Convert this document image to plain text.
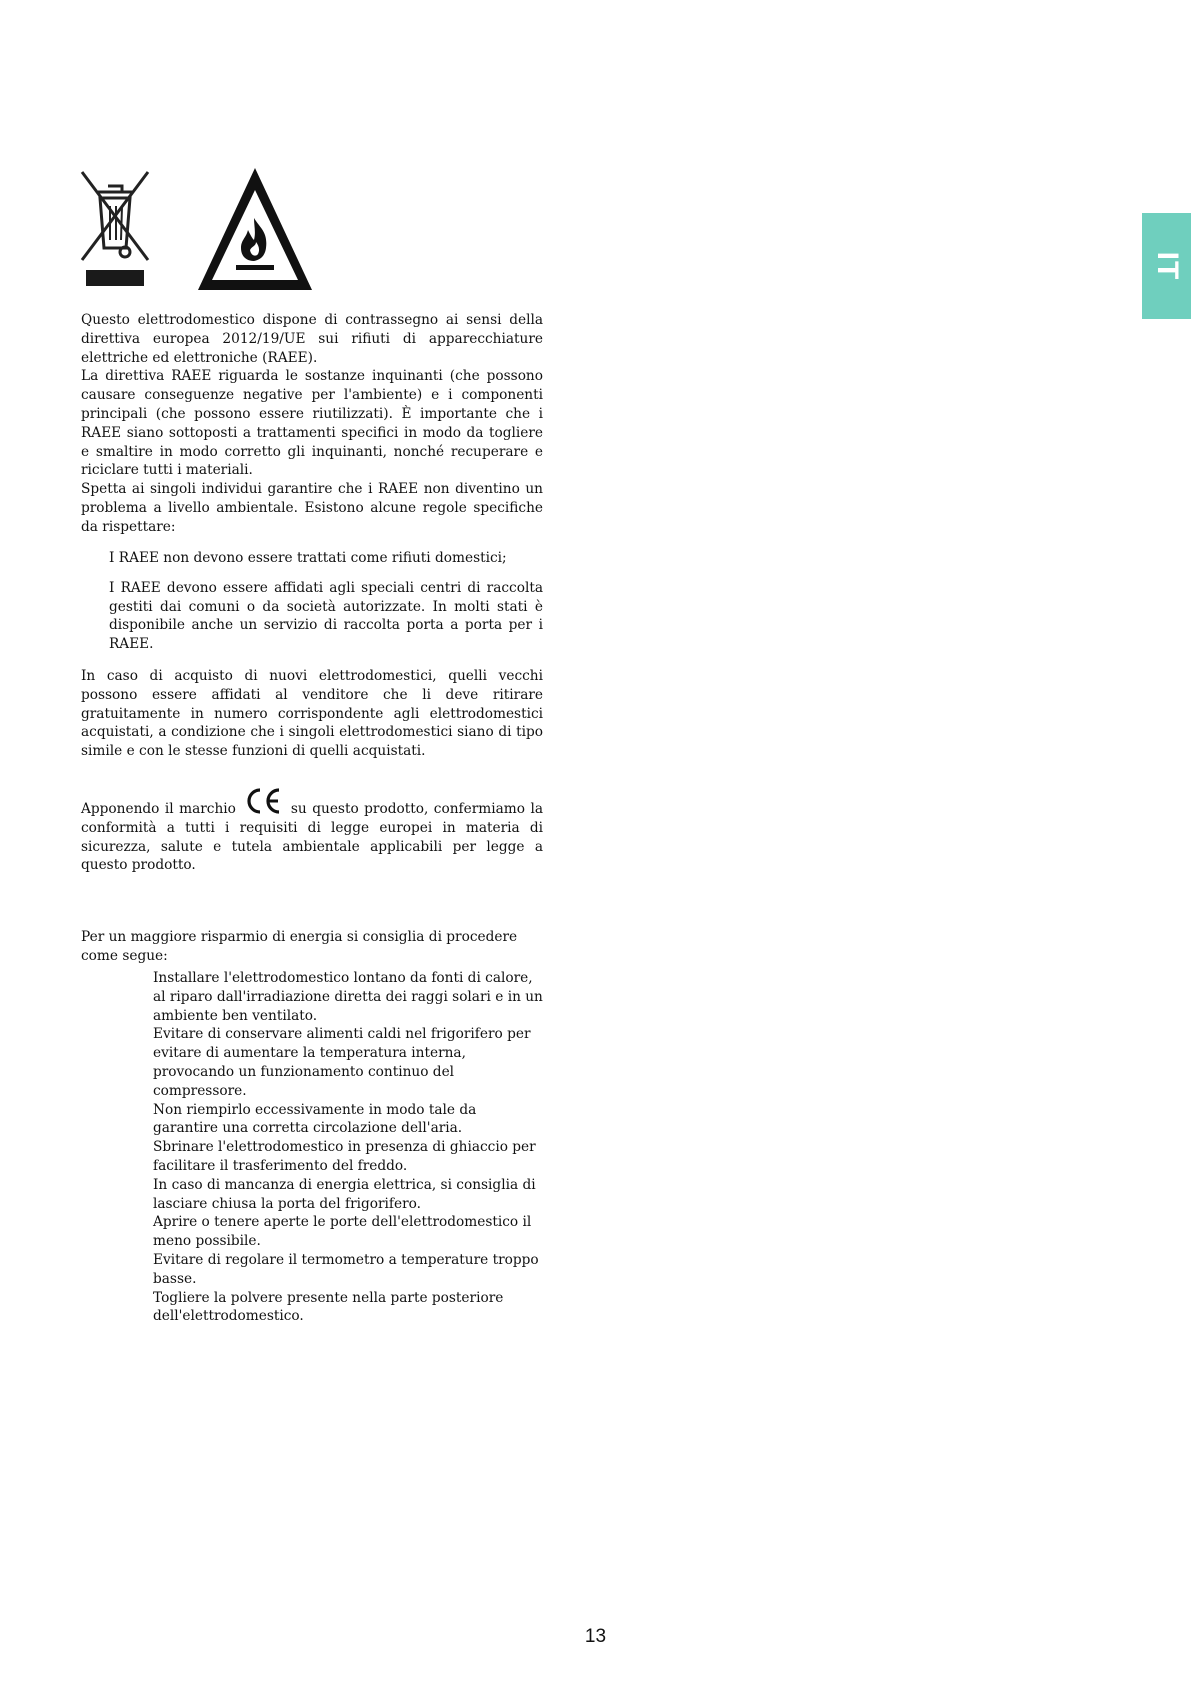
IT

Questo elettrodomestico dispone di contrassegno ai sensi della direttiva europea 2012/19/UE sui rifiuti di apparecchiature elettriche ed elettroniche (RAEE).

La direttiva RAEE riguarda le sostanze inquinanti (che possono causare conseguenze negative per l'ambiente) e i componenti principali (che possono essere riutilizzati). È importante che i RAEE siano sottoposti a trattamenti specifici in modo da togliere e smaltire in modo corretto gli inquinanti, nonché recuperare e riciclare tutti i materiali.

Spetta ai singoli individui garantire che i RAEE non diventino un problema a livello ambientale. Esistono alcune regole specifiche da rispettare:

I RAEE non devono essere trattati come rifiuti domestici;

I RAEE devono essere affidati agli speciali centri di raccolta gestiti dai comuni o da società autorizzate. In molti stati è disponibile anche un servizio di raccolta porta a porta per i RAEE.

In caso di acquisto di nuovi elettrodomestici, quelli vecchi possono essere affidati al venditore che li deve ritirare gratuitamente in numero corrispondente agli elettrodomestici acquistati, a condizione che i singoli elettrodomestici siano di tipo simile e con le stesse funzioni di quelli acquistati.

Apponendo il marchio	su questo prodotto, confermiamo la conformità a tutti i requisiti di legge europei in materia di sicurezza, salute e tutela ambientale applicabili per legge a questo prodotto.
Per un maggiore risparmio di energia si consiglia di procedere come segue:

Installare l'elettrodomestico lontano da fonti di calore, al riparo dall'irradiazione diretta dei raggi solari e in un ambiente ben ventilato.

Evitare di conservare alimenti caldi nel frigorifero per evitare di aumentare la temperatura interna, provocando un funzionamento continuo del compressore.

Non riempirlo eccessivamente in modo tale da garantire una corretta circolazione dell'aria.

Sbrinare l'elettrodomestico in presenza di ghiaccio per facilitare il trasferimento del freddo.

In caso di mancanza di energia elettrica, si consiglia di lasciare chiusa la porta del frigorifero.

Aprire o tenere aperte le porte dell'elettrodomestico il meno possibile.

Evitare di regolare il termometro a temperature troppo basse.

Togliere la polvere presente nella parte posteriore dell'elettrodomestico.

13
